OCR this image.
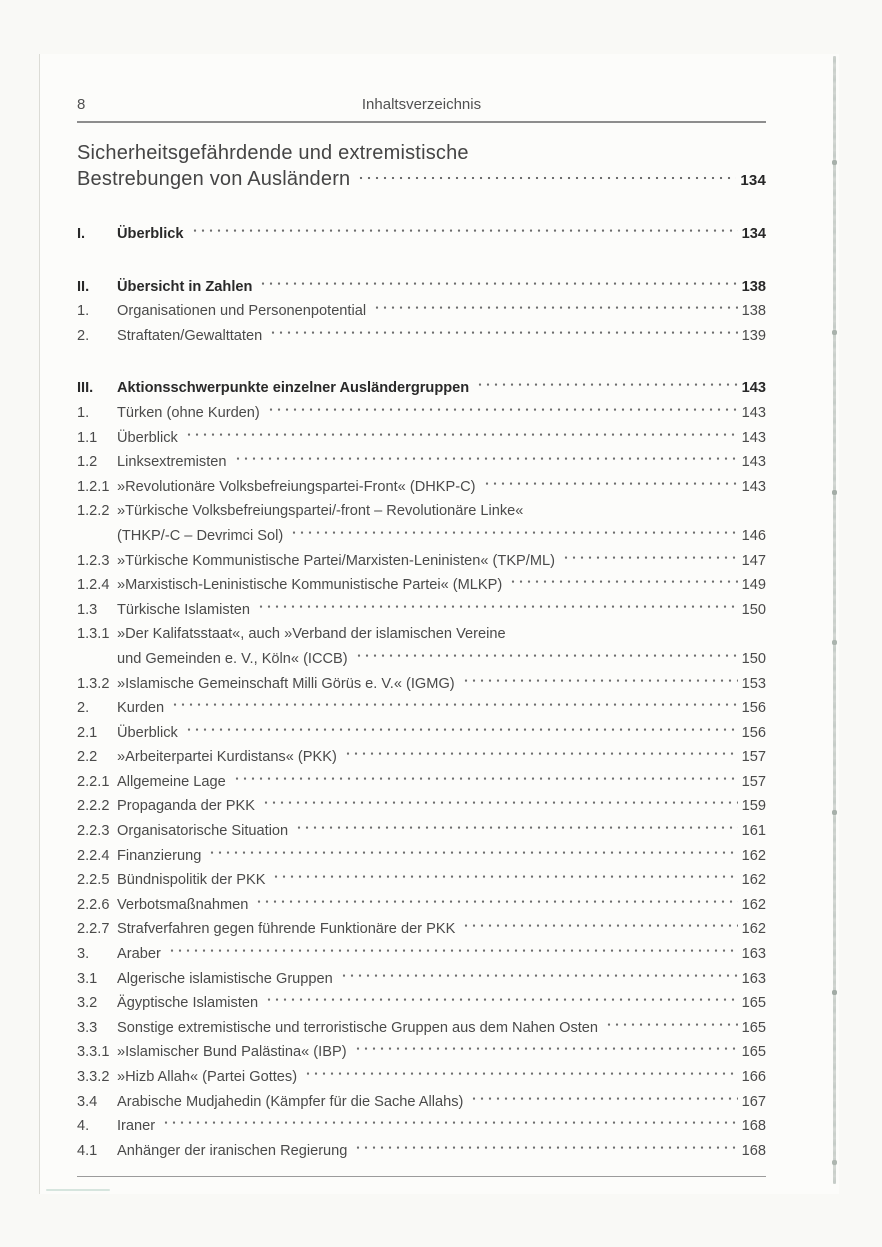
Inhaltsverzeichnis
8
Sicherheitsgefährdende und extremistische
Bestrebungen von Ausländern	134
I.	Überblick	134
II.	Übersicht in Zahlen	138
1.	Organisationen und Personenpotential	138
2.	Straftaten/Gewalttaten	139
III.	Aktionsschwerpunkte einzelner Ausländergruppen	143
1.	Türken (ohne Kurden)	143
1.1	Überblick	143
1.2	Linksextremisten	143
1.2.1 »Revolutionäre Volksbefreiungspartei-Front« (DHKP-C)	143
1.2.2 »Türkische Volksbefreiungspartei/-front – Revolutionäre Linke«
(THKP/-C – Devrimci Sol)	146
1.2.3 »Türkische Kommunistische Partei/Marxisten-Leninisten« (TKP/ML)	147
1.2.4 »Marxistisch-Leninistische Kommunistische Partei« (MLKP)	149
1.3	Türkische Islamisten	150
1.3.1 »Der Kalifatsstaat«, auch »Verband der islamischen Vereine
und Gemeinden e. V., Köln« (ICCB)	150
1.3.2 »Islamische Gemeinschaft Milli Görüs e. V.« (IGMG)	153
2.	Kurden	156
2.1	Überblick	156
2.2	»Arbeiterpartei Kurdistans« (PKK)	157
2.2.1 Allgemeine Lage	157
2.2.2 Propaganda der PKK	159
2.2.3 Organisatorische Situation	161
2.2.4 Finanzierung	162
2.2.5 Bündnispolitik der PKK	162
2.2.6 Verbotsmaßnahmen	162
2.2.7 Strafverfahren gegen führende Funktionäre der PKK	162
3.	Araber	163
3.1	Algerische islamistische Gruppen	163
3.2	Ägyptische Islamisten	165
3.3	Sonstige extremistische und terroristische Gruppen aus dem Nahen Osten	165
3.3.1 »Islamischer Bund Palästina« (IBP)	165
3.3.2 »Hizb Allah« (Partei Gottes)	166
3.4	Arabische Mudjahedin (Kämpfer für die Sache Allahs)	167
4.	Iraner	168
4.1	Anhänger der iranischen Regierung	168
